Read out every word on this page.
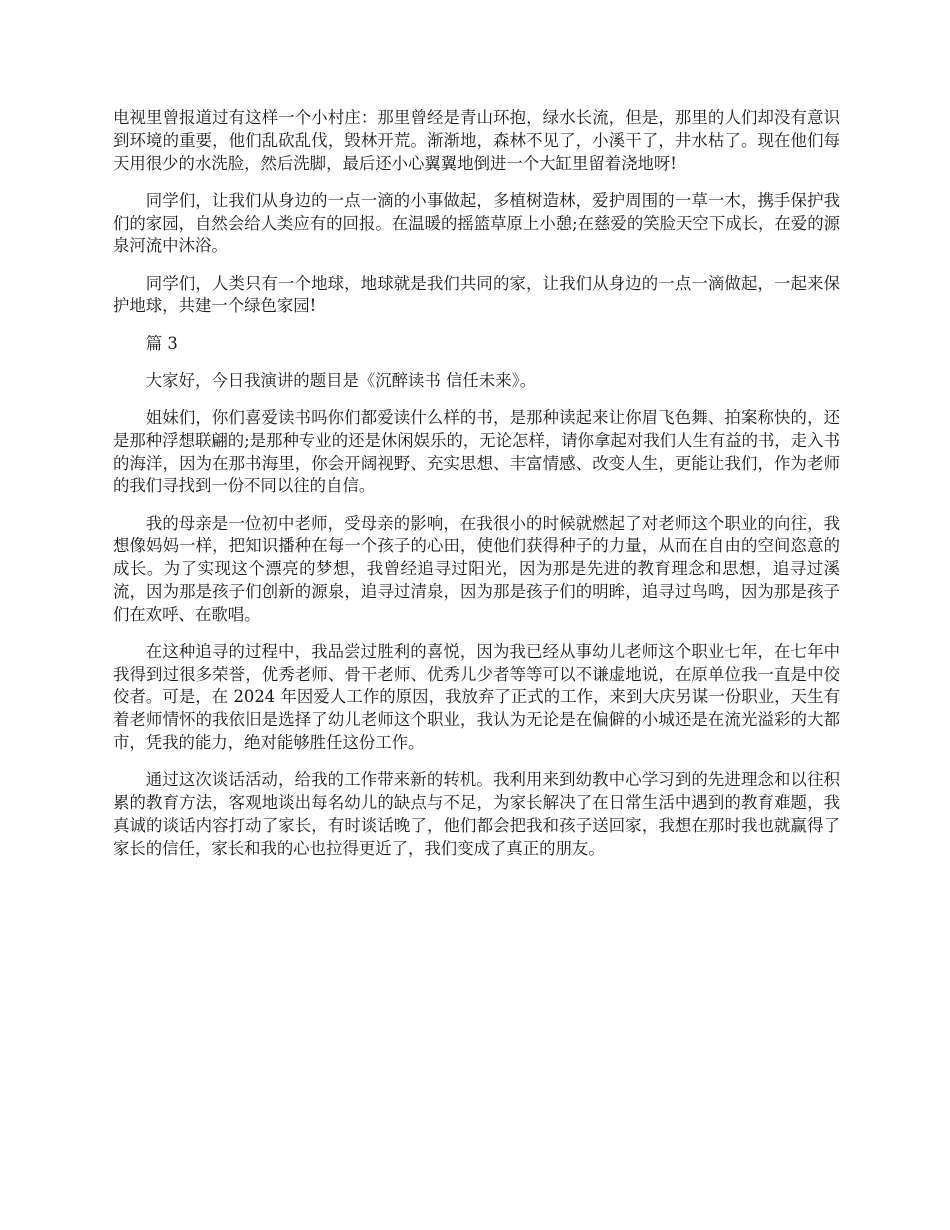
电视里曾报道过有这样一个小村庄：那里曾经是青山环抱，绿水长流，但是，那里的人们却没有意识到环境的重要，他们乱砍乱伐，毁林开荒。渐渐地，森林不见了，小溪干了，井水枯了。现在他们每天用很少的水洗脸，然后洗脚，最后还小心翼翼地倒进一个大缸里留着浇地呀!

同学们，让我们从身边的一点一滴的小事做起，多植树造林，爱护周围的一草一木，携手保护我们的家园，自然会给人类应有的回报。在温暖的摇篮草原上小憩;在慈爱的笑脸天空下成长，在爱的源泉河流中沐浴。

同学们，人类只有一个地球，地球就是我们共同的家，让我们从身边的一点一滴做起，一起来保护地球，共建一个绿色家园!

篇 3

大家好，今日我演讲的题目是《沉醉读书 信任未来》。

姐妹们，你们喜爱读书吗你们都爱读什么样的书，是那种读起来让你眉飞色舞、拍案称快的，还是那种浮想联翩的;是那种专业的还是休闲娱乐的，无论怎样，请你拿起对我们人生有益的书，走入书的海洋，因为在那书海里，你会开阔视野、充实思想、丰富情感、改变人生，更能让我们，作为老师的我们寻找到一份不同以往的自信。

我的母亲是一位初中老师，受母亲的影响，在我很小的时候就燃起了对老师这个职业的向往，我想像妈妈一样，把知识播种在每一个孩子的心田，使他们获得种子的力量，从而在自由的空间恣意的成长。为了实现这个漂亮的梦想，我曾经追寻过阳光，因为那是先进的教育理念和思想，追寻过溪流，因为那是孩子们创新的源泉，追寻过清泉，因为那是孩子们的明眸，追寻过鸟鸣，因为那是孩子们在欢呼、在歌唱。

在这种追寻的过程中，我品尝过胜利的喜悦，因为我已经从事幼儿老师这个职业七年，在七年中我得到过很多荣誉，优秀老师、骨干老师、优秀儿少者等等可以不谦虚地说，在原单位我一直是中佼佼者。可是，在 2024 年因爱人工作的原因，我放弃了正式的工作，来到大庆另谋一份职业，天生有着老师情怀的我依旧是选择了幼儿老师这个职业，我认为无论是在偏僻的小城还是在流光溢彩的大都市，凭我的能力，绝对能够胜任这份工作。

通过这次谈话活动，给我的工作带来新的转机。我利用来到幼教中心学习到的先进理念和以往积累的教育方法，客观地谈出每名幼儿的缺点与不足，为家长解决了在日常生活中遇到的教育难题，我真诚的谈话内容打动了家长，有时谈话晚了，他们都会把我和孩子送回家，我想在那时我也就赢得了家长的信任，家长和我的心也拉得更近了，我们变成了真正的朋友。
